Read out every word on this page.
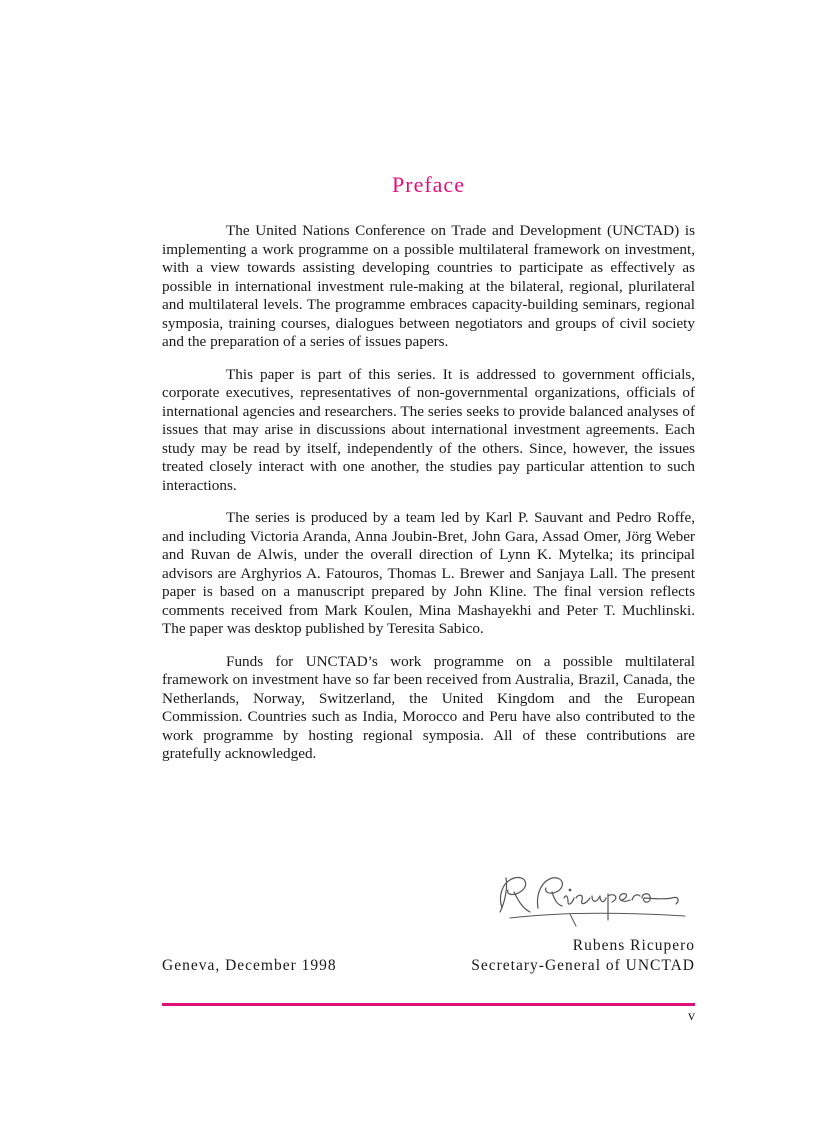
Preface

The United Nations Conference on Trade and Development (UNCTAD) is implementing a work programme on a possible multilateral framework on investment, with a view towards assisting developing countries to participate as effectively as possible in international investment rule-making at the bilateral, regional, plurilateral and multilateral levels. The programme embraces capacity-building seminars, regional symposia, training courses, dialogues between negotiators and groups of civil society and the preparation of a series of issues papers.

This paper is part of this series. It is addressed to government officials, corporate executives, representatives of non-governmental organizations, officials of international agencies and researchers. The series seeks to provide balanced analyses of issues that may arise in discussions about international investment agreements. Each study may be read by itself, independently of the others. Since, however, the issues treated closely interact with one another, the studies pay particular attention to such interactions.

The series is produced by a team led by Karl P. Sauvant and Pedro Roffe, and including Victoria Aranda, Anna Joubin-Bret, John Gara, Assad Omer, Jörg Weber and Ruvan de Alwis, under the overall direction of Lynn K. Mytelka; its principal advisors are Arghyrios A. Fatouros, Thomas L. Brewer and Sanjaya Lall. The present paper is based on a manuscript prepared by John Kline. The final version reflects comments received from Mark Koulen, Mina Mashayekhi and Peter T. Muchlinski. The paper was desktop published by Teresita Sabico.

Funds for UNCTAD’s work programme on a possible multilateral framework on investment have so far been received from Australia, Brazil, Canada, the Netherlands, Norway, Switzerland, the United Kingdom and the European Commission. Countries such as India, Morocco and Peru have also contributed to the work programme by hosting regional symposia. All of these contributions are gratefully acknowledged.

Rubens Ricupero

Geneva, December 1998	Secretary-General of UNCTAD

v
